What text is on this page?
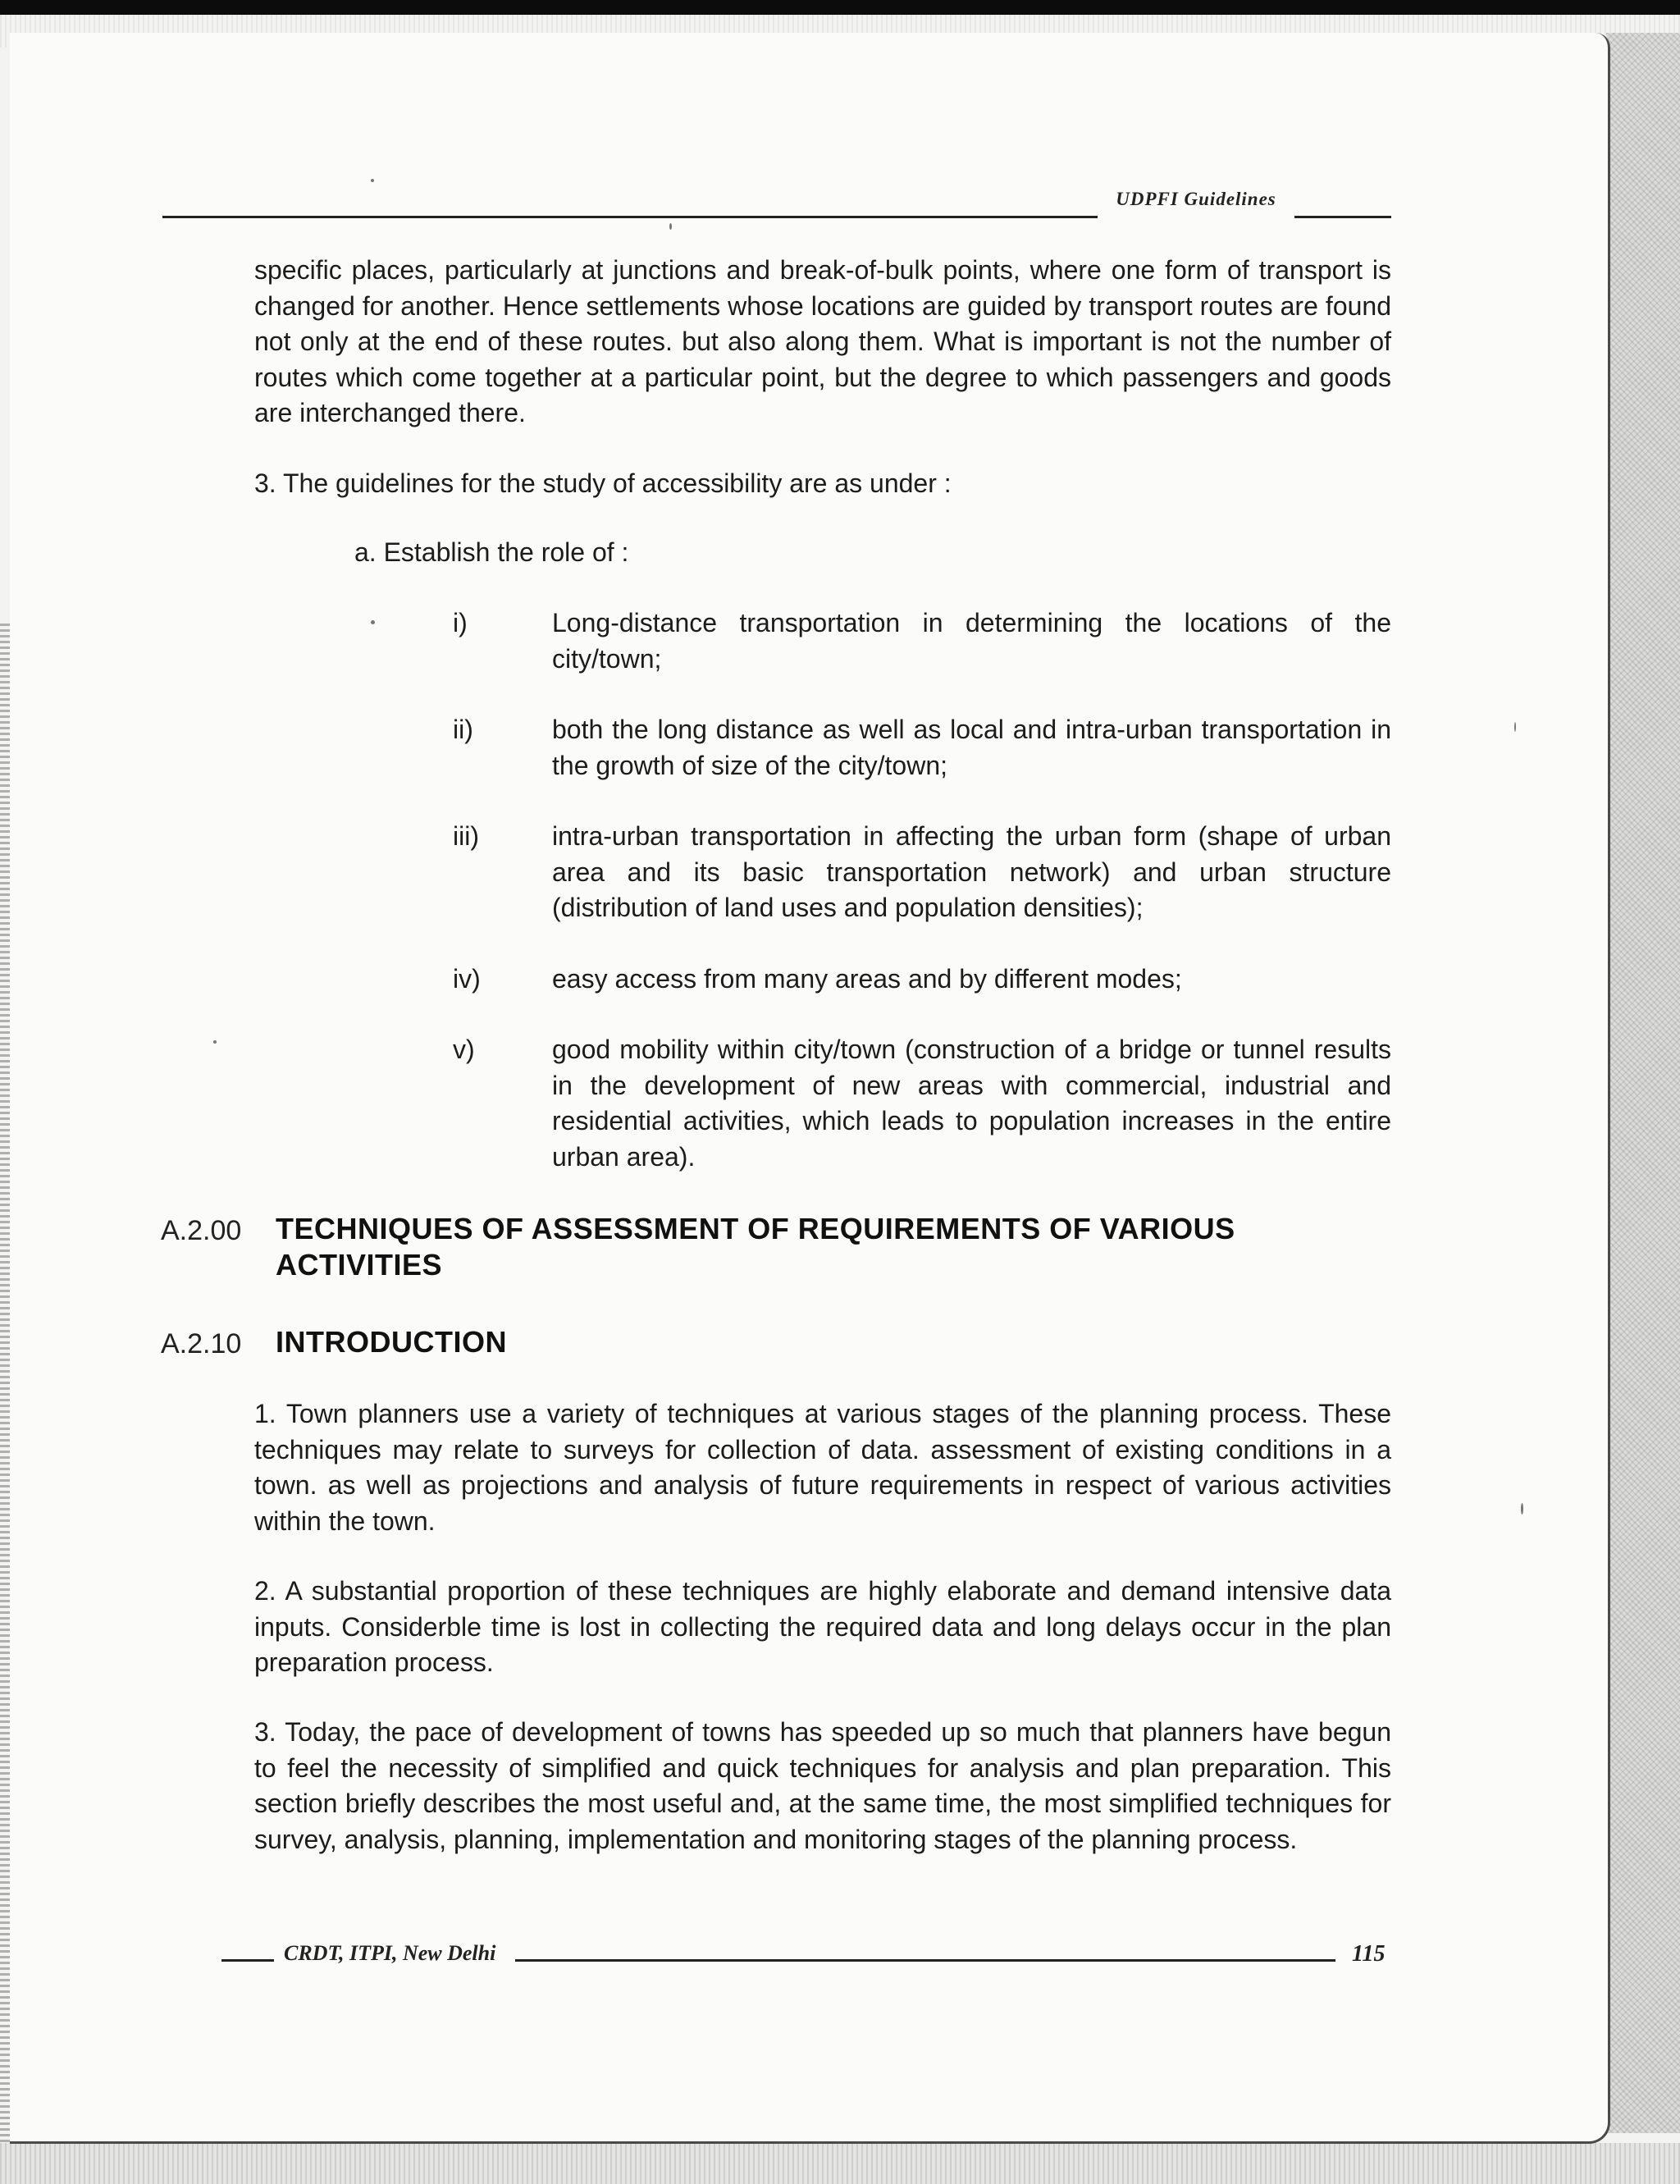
UDPFI Guidelines

specific places, particularly at junctions and break-of-bulk points, where one form of transport is changed for another. Hence settlements whose locations are guided by transport routes are found not only at the end of these routes. but also along them. What is important is not the number of routes which come together at a particular point, but the degree to which passengers and goods are interchanged there.

3. The guidelines for the study of accessibility are as under :

a. Establish the role of :

i)	Long-distance transportation in determining the locations of the city/town;

ii)	both the long distance as well as local and intra-urban transportation in the growth of size of the city/town;

iii)	intra-urban transportation in affecting the urban form (shape of urban area and its basic transportation network) and urban structure (distribution of land uses and population densities);

iv)	easy access from many areas and by different modes;

v)	good mobility within city/town (construction of a bridge or tunnel results in the development of new areas with commercial, industrial and residential activities, which leads to population increases in the entire urban area).

A.2.00 TECHNIQUES OF ASSESSMENT OF REQUIREMENTS OF VARIOUS ACTIVITIES
A.2.10 INTRODUCTION

1. Town planners use a variety of techniques at various stages of the planning process. These techniques may relate to surveys for collection of data. assessment of existing conditions in a town. as well as projections and analysis of future requirements in respect of various activities within the town.

2. A substantial proportion of these techniques are highly elaborate and demand intensive data inputs. Considerble time is lost in collecting the required data and long delays occur in the plan preparation process.

3. Today, the pace of development of towns has speeded up so much that planners have begun to feel the necessity of simplified and quick techniques for analysis and plan preparation. This section briefly describes the most useful and, at the same time, the most simplified techniques for survey, analysis, planning, implementation and monitoring stages of the planning process.

CRDT, ITPI, New Delhi	115
